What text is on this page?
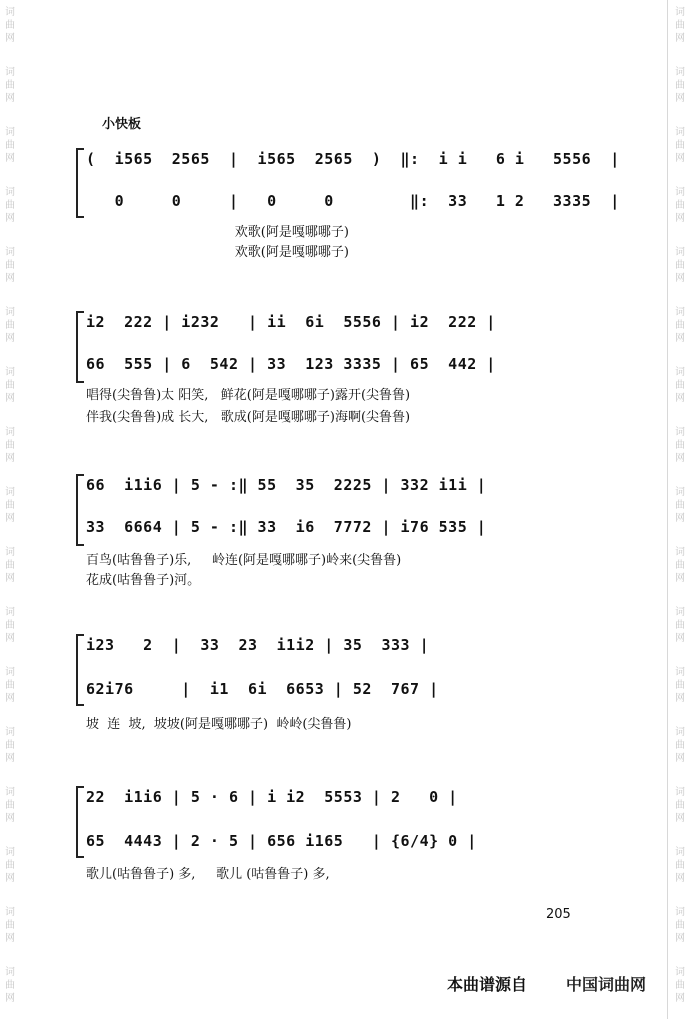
词
曲
网
词
曲
网
词
曲
网
词
曲
网
词
曲
网
词
曲
网
词
曲
网
词
曲
网
词
曲
网
词
曲
网
词
曲
网
词
曲
网
词
曲
网
词
曲
网
词
曲
网
词
曲
网
词
曲
网
词
曲
网
词
曲
网
词
曲
网
词
曲
网
词
曲
网
词
曲
网
词
曲
网
词
曲
网
词
曲
网
词
曲
网
词
曲
网
词
曲
网
词
曲
网
词
曲
网
词
曲
网
词
曲
网
词
曲
网
小快板
(  i565  2565  |  i565  2565  )  ‖:  i i   6 i   5556  |
0     0     |   0     0        ‖:  33   1 2   3335  |
欢歌(阿是嘎哪哪子)
欢歌(阿是嘎哪哪子)
i2  222 | i232   | ii  6i  5556 | i2  222 |
66  555 | 6  542 | 33  123 3335 | 65  442 |
唱得(尖鲁鲁)太 阳笑,   鲜花(阿是嘎哪哪子)露开(尖鲁鲁)
伴我(尖鲁鲁)成 长大,   歌成(阿是嘎哪哪子)海啊(尖鲁鲁)
66  i1i6 | 5 - :‖ 55  35  2225 | 332 i1i |
33  6664 | 5 - :‖ 33  i6  7772 | i76 535 |
百鸟(咕鲁鲁子)乐,     岭连(阿是嘎哪哪子)岭来(尖鲁鲁)
花成(咕鲁鲁子)河。
i23   2  |  33  23  i1i2 | 35  333 |
62i76     |  i1  6i  6653 | 52  767 |
坡  连  坡,  坡坡(阿是嘎哪哪子)  岭岭(尖鲁鲁)
22  i1i6 | 5 · 6 | i i2  5553 | 2   0 |
65  4443 | 2 · 5 | 656 i165   | {6/4} 0 |
歌儿(咕鲁鲁子) 多,     歌儿 (咕鲁鲁子) 多,
205
本曲谱源自 中国词曲网
